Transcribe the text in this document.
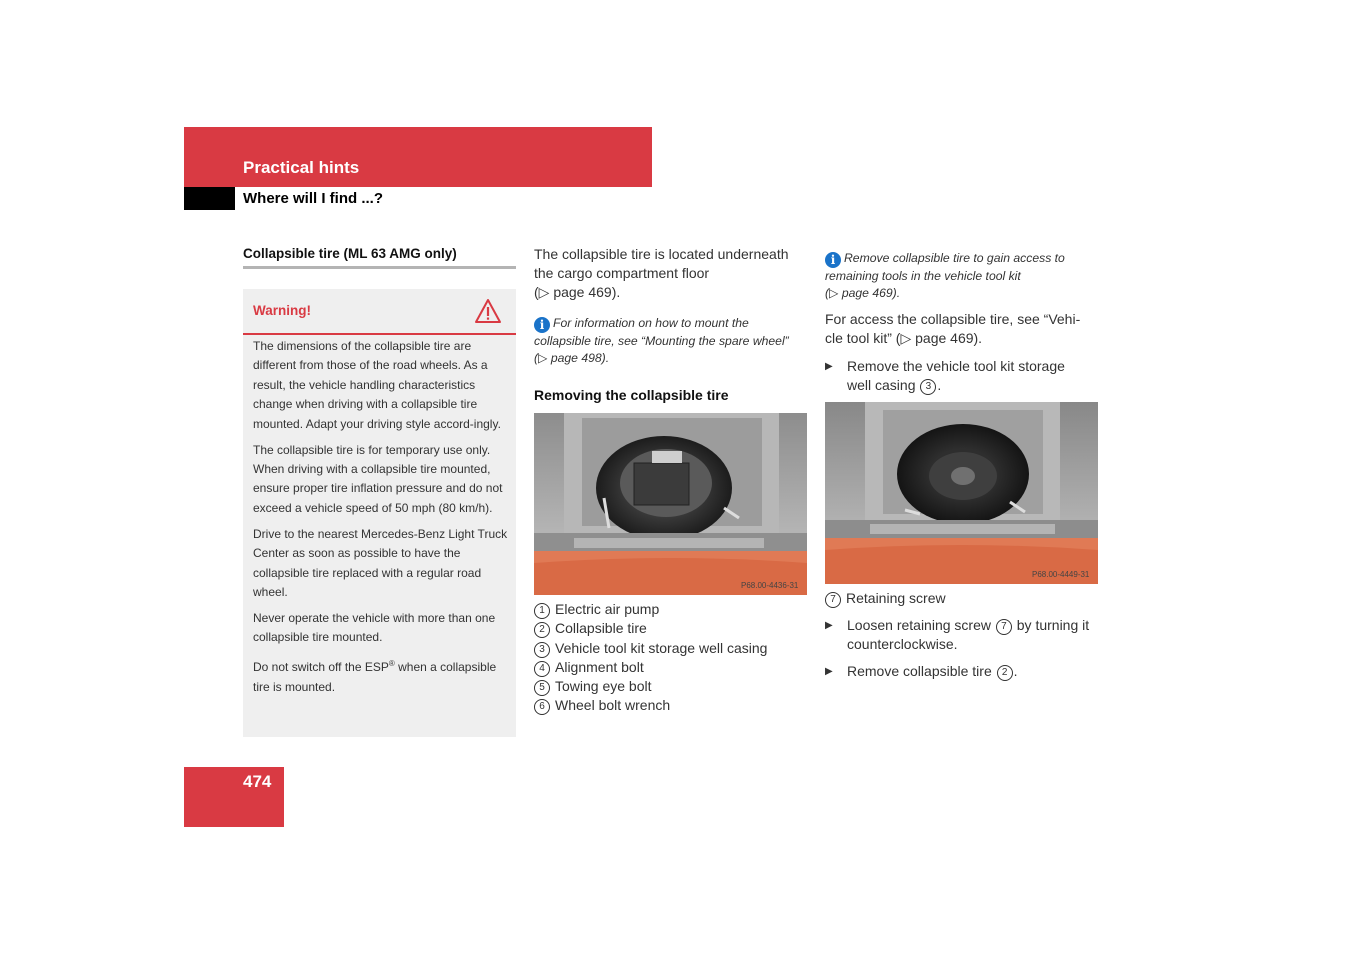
Practical hints
Where will I find ...?
Collapsible tire (ML 63 AMG only)
Warning!

The dimensions of the collapsible tire are different from those of the road wheels. As a result, the vehicle handling characteristics change when driving with a collapsible tire mounted. Adapt your driving style accord-ingly.

The collapsible tire is for temporary use only. When driving with a collapsible tire mounted, ensure proper tire inflation pressure and do not exceed a vehicle speed of 50 mph (80 km/h).

Drive to the nearest Mercedes-Benz Light Truck Center as soon as possible to have the collapsible tire replaced with a regular road wheel.

Never operate the vehicle with more than one collapsible tire mounted.

Do not switch off the ESP® when a collapsible tire is mounted.

The collapsible tire is located underneath
the cargo compartment floor
(▷ page 469).
i For information on how to mount the
collapsible tire, see “Mounting the spare wheel”
(▷ page 498).
Removing the collapsible tire
P68.00-4436-31
1 Electric air pump
2 Collapsible tire
3 Vehicle tool kit storage well casing
4 Alignment bolt
5 Towing eye bolt
6 Wheel bolt wrench
i Remove collapsible tire to gain access to
remaining tools in the vehicle tool kit
(▷ page 469).
For access the collapsible tire, see “Vehi-
cle tool kit” (▷ page 469).
▶	Remove the vehicle tool kit storage
well casing 3 .
P68.00-4449-31
7 Retaining screw
▶	Loosen retaining screw 7 by turning it
counterclockwise.
▶	Remove collapsible tire 2 .
474
